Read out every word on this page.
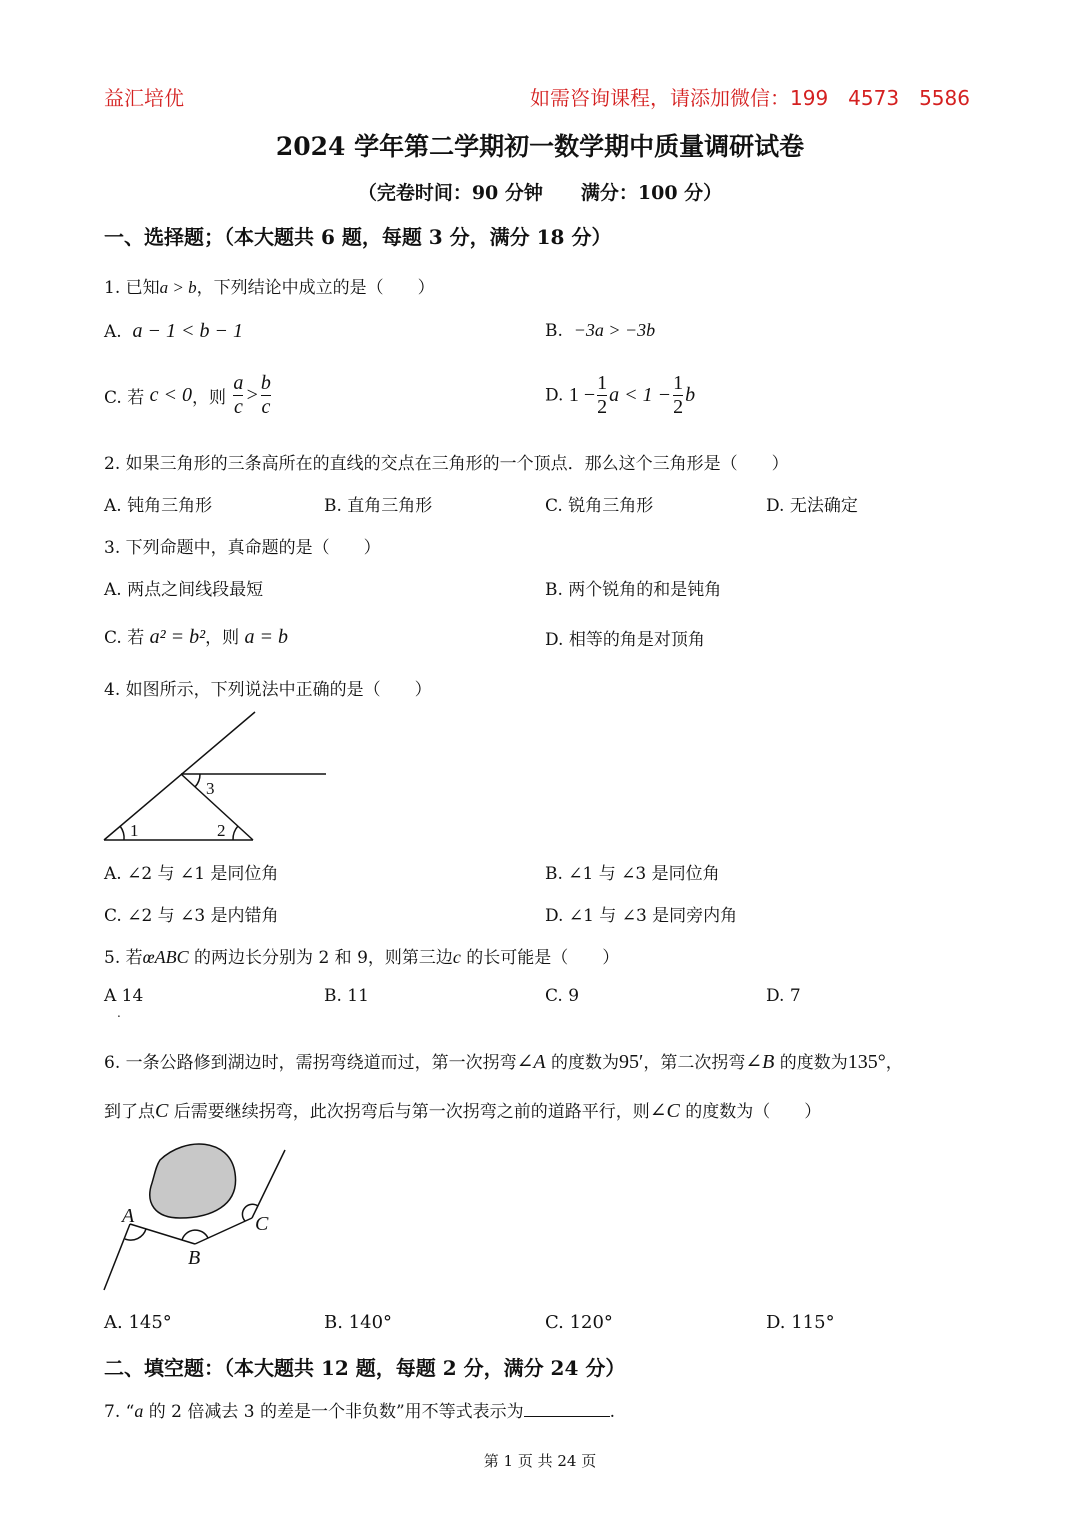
益汇培优	如需咨询课程，请添加微信：199　4573　5586
2024 学年第二学期初一数学期中质量调研试卷
（完卷时间：90 分钟　　满分：100 分）
一、选择题；（本大题共 6 题，每题 3 分，满分 18 分）
1. 已知a > b，下列结论中成立的是（　　）
A. a − 1 < b − 1	B. −3a > −3b
C. 若 c < 0，则 $\frac{a}{c} > \frac{b}{c}$	D. $1 - \frac{1}{2}$ $a < 1 - \frac{1}{2}$ b
2. 如果三角形的三条高所在的直线的交点在三角形的一个顶点．那么这个三角形是（　　）
A. 钝角三角形	B. 直角三角形	C. 锐角三角形	D. 无法确定
3. 下列命题中，真命题的是（　　）
A. 两点之间线段最短	B. 两个锐角的和是钝角
C. 若 a² = b²，则 a = b	D. 相等的角是对顶角
4. 如图所示，下列说法中正确的是（　　）
1	2
3
A. ∠2 与 ∠1 是同位角	B. ∠1 与 ∠3 是同位角
C. ∠2 与 ∠3 是内错角	D. ∠1 与 ∠3 是同旁内角
5. 若œABC 的两边长分别为 2 和 9，则第三边c 的长可能是（　　）
A 14
.
B. 11	C. 9	D. 7
6. 一条公路修到湖边时，需拐弯绕道而过，第一次拐弯∠A 的度数为95′，第二次拐弯∠B 的度数为135°，
到了点C 后需要继续拐弯，此次拐弯后与第一次拐弯之前的道路平行，则∠C 的度数为（　　）
A
B
C
A. 145°	B. 140°	C. 120°	D. 115°
二、填空题：（本大题共 12 题，每题 2 分，满分 24 分）
7. “a 的 2 倍减去 3 的差是一个非负数”用不等式表示为	.
第 1 页 共 24 页
